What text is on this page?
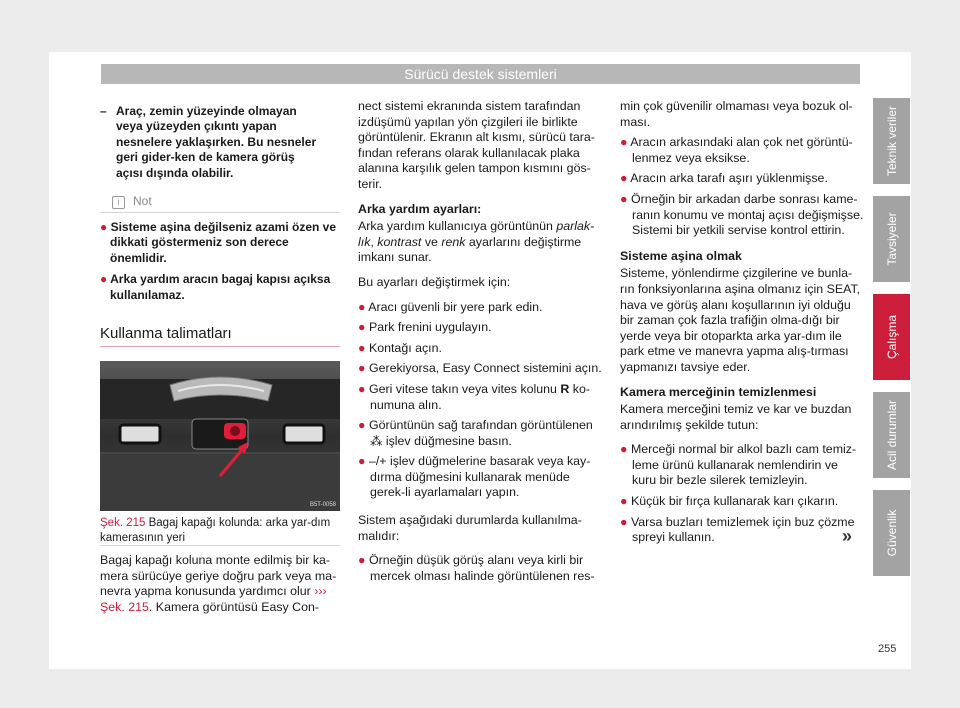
Sürücü destek sistemleri
– Araç, zemin yüzeyinde olmayan veya yüzeyden çıkıntı yapan nesnelere yaklaşırken. Bu nesneler geri gider-ken de kamera görüş açısı dışında olabilir.
i Not

● Sisteme aşina değilseniz azami özen ve dikkati göstermeniz son derece önemlidir.

● Arka yardım aracın bagaj kapısı açıksa kullanılamaz.

Kullanma talimatları
B5T-0058
Şek. 215 Bagaj kapağı kolunda: arka yar-dım kamerasının yeri

Bagaj kapağı koluna monte edilmiş bir ka-mera sürücüye geriye doğru park veya ma-nevra yapma konusunda yardımcı olur ››› Şek. 215. Kamera görüntüsü Easy Con-

nect sistemi ekranında sistem tarafından izdüşümü yapılan yön çizgileri ile birlikte görüntülenir. Ekranın alt kısmı, sürücü tara-fından referans olarak kullanılacak plaka alanına karşılık gelen tampon kısmını gös-terir.

Arka yardım ayarları:

Arka yardım kullanıcıya görüntünün parlak-lık, kontrast ve renk ayarlarını değiştirme imkanı sunar.

Bu ayarları değiştirmek için:

● Aracı güvenli bir yere park edin.

● Park frenini uygulayın.

● Kontağı açın.

● Gerekiyorsa, Easy Connect sistemini açın.

● Geri vitese takın veya vites kolunu R ko-numuna alın.

● Görüntünün sağ tarafından görüntülenen
⁂ işlev düğmesine basın.

● –/+ işlev düğmelerine basarak veya kay-dırma düğmesini kullanarak menüde gerek-li ayarlamaları yapın.

Sistem aşağıdaki durumlarda kullanılma-malıdır:

● Örneğin düşük görüş alanı veya kirli bir mercek olması halinde görüntülenen res-

min çok güvenilir olmaması veya bozuk ol-ması.

● Aracın arkasındaki alan çok net görüntü-lenmez veya eksikse.

● Aracın arka tarafı aşırı yüklenmişse.

● Örneğin bir arkadan darbe sonrası kame-ranın konumu ve montaj açısı değişmişse. Sistemi bir yetkili servise kontrol ettirin.

Sisteme aşina olmak

Sisteme, yönlendirme çizgilerine ve bunla-rın fonksiyonlarına aşina olmanız için SEAT, hava ve görüş alanı koşullarının iyi olduğu bir zaman çok fazla trafiğin olma-dığı bir yerde veya bir otoparkta arka yar-dım ile park etme ve manevra yapma alış-tırması yapmanızı tavsiye eder.

Kamera merceğinin temizlenmesi

Kamera merceğini temiz ve kar ve buzdan arındırılmış şekilde tutun:

● Merceği normal bir alkol bazlı cam temiz-leme ürünü kullanarak nemlendirin ve kuru bir bezle silerek temizleyin.

● Küçük bir fırça kullanarak karı çıkarın.

● Varsa buzları temizlemek için buz çözme spreyi kullanın.	»
Teknik veriler
Tavsiyeler
Çalışma
Acil durumlar
Güvenlik
255
